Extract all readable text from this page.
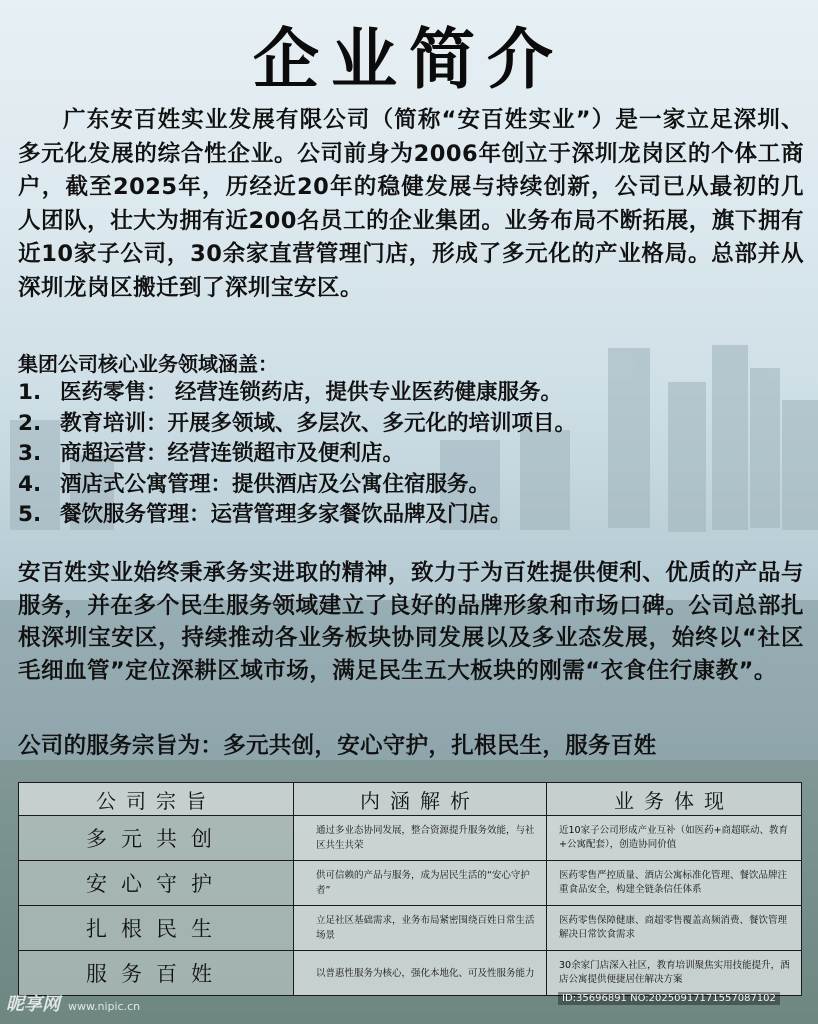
企业简介
广东安百姓实业发展有限公司（简称“安百姓实业”）是一家立足深圳、多元化发展的综合性企业。公司前身为2006年创立于深圳龙岗区的个体工商户，截至2025年，历经近20年的稳健发展与持续创新，公司已从最初的几人团队，壮大为拥有近200名员工的企业集团。业务布局不断拓展，旗下拥有近10家子公司，30余家直营管理门店，形成了多元化的产业格局。总部并从深圳龙岗区搬迁到了深圳宝安区。
集团公司核心业务领域涵盖：
1. 医药零售： 经营连锁药店，提供专业医药健康服务。
2. 教育培训：开展多领域、多层次、多元化的培训项目。
3. 商超运营：经营连锁超市及便利店。
4. 酒店式公寓管理：提供酒店及公寓住宿服务。
5. 餐饮服务管理：运营管理多家餐饮品牌及门店。
安百姓实业始终秉承务实进取的精神，致力于为百姓提供便利、优质的产品与服务，并在多个民生服务领域建立了良好的品牌形象和市场口碑。公司总部扎根深圳宝安区，持续推动各业务板块协同发展以及多业态发展，始终以“社区毛细血管”定位深耕区域市场，满足民生五大板块的刚需“衣食住行康教”。
公司的服务宗旨为：多元共创，安心守护，扎根民生，服务百姓
公司宗旨	内涵解析	业务体现
多元共创	通过多业态协同发展，整合资源提升服务效能，与社区共生共荣	近10家子公司形成产业互补（如医药+商超联动、教育+公寓配套），创造协同价值
安心守护	供可信赖的产品与服务，成为居民生活的“安心守护者”	医药零售严控质量、酒店公寓标准化管理、餐饮品牌注重食品安全，构建全链条信任体系
扎根民生	立足社区基础需求，业务布局紧密围绕百姓日常生活场景	医药零售保障健康、商超零售覆盖高频消费、餐饮管理解决日常饮食需求
服务百姓	以普惠性服务为核心，强化本地化、可及性服务能力	30余家门店深入社区，教育培训聚焦实用技能提升，酒店公寓提供便捷居住解决方案
昵享网 www.nipic.cn
ID:35696891 NO:20250917171557087102
